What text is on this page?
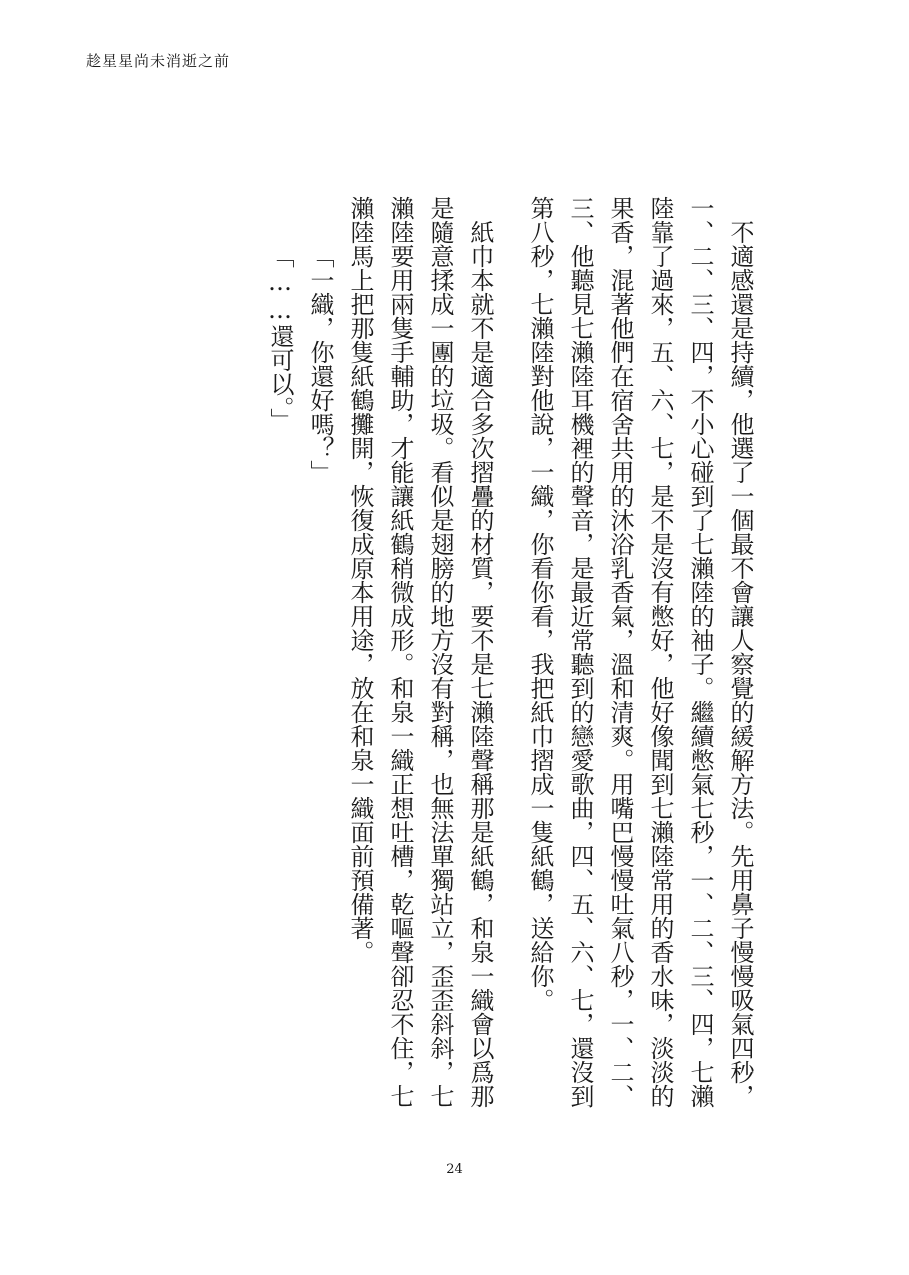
趁星星尚未消逝之前

不適感還是持續，他選了一個最不會讓人察覺的緩解方法。先用鼻子慢慢吸氣四秒，一、二、三、四，不小心碰到了七瀨陸的袖子。繼續憋氣七秒，一、二、三、四，七瀨陸靠了過來，五、六、七，是不是沒有憋好，他好像聞到七瀨陸常用的香水味，淡淡的果香，混著他們在宿舍共用的沐浴乳香氣，溫和清爽。用嘴巴慢慢吐氣八秒，一、二、三、他聽見七瀨陸耳機裡的聲音，是最近常聽到的戀愛歌曲，四、五、六、七，還沒到第八秒，七瀨陸對他說，一織，你看你看，我把紙巾摺成一隻紙鶴，送給你。

紙巾本就不是適合多次摺疊的材質，要不是七瀨陸聲稱那是紙鶴，和泉一織會以爲那是隨意揉成一團的垃圾。看似是翅膀的地方沒有對稱，也無法單獨站立，歪歪斜斜，七瀨陸要用兩隻手輔助，才能讓紙鶴稍微成形。和泉一織正想吐槽，乾嘔聲卻忍不住，七瀨陸馬上把那隻紙鶴攤開，恢復成原本用途，放在和泉一織面前預備著。

「一織，你還好嗎？」

「……還可以。」

24
